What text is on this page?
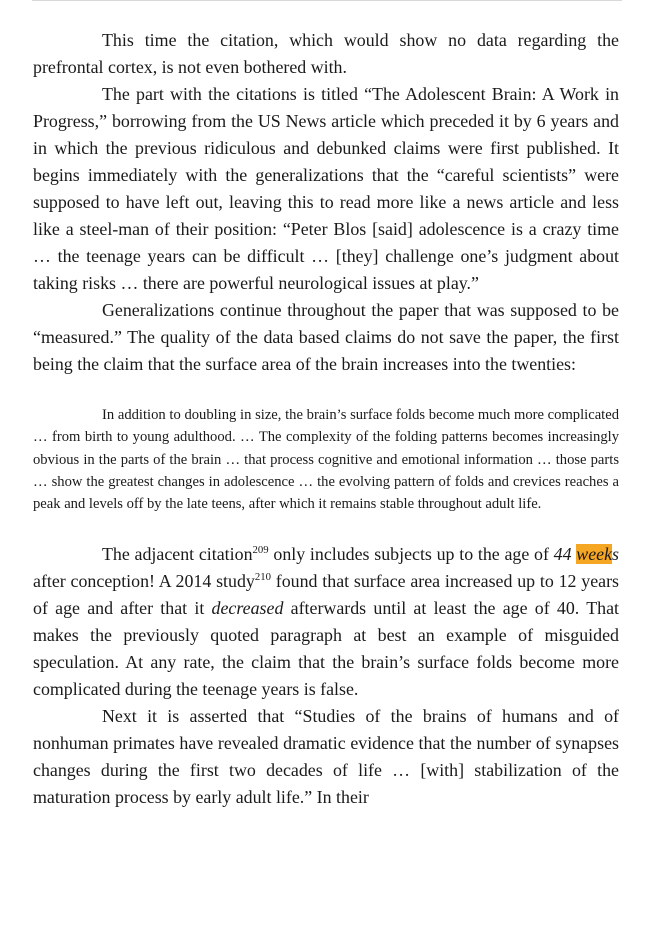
This time the citation, which would show no data regarding the prefrontal cortex, is not even bothered with.

The part with the citations is titled “The Adolescent Brain: A Work in Progress,” borrowing from the US News article which preceded it by 6 years and in which the previous ridiculous and debunked claims were first published. It begins immediately with the generalizations that the “careful scientists” were supposed to have left out, leaving this to read more like a news article and less like a steel-man of their position: “Peter Blos [said] adolescence is a crazy time … the teenage years can be difficult … [they] challenge one’s judgment about taking risks … there are powerful neurological issues at play.”

Generalizations continue throughout the paper that was supposed to be “measured.” The quality of the data based claims do not save the paper, the first being the claim that the surface area of the brain increases into the twenties:

In addition to doubling in size, the brain’s surface folds become much more complicated … from birth to young adulthood. … The complexity of the folding patterns becomes increasingly obvious in the parts of the brain … that process cognitive and emotional information … those parts … show the greatest changes in adolescence … the evolving pattern of folds and crevices reaches a peak and levels off by the late teens, after which it remains stable throughout adult life.

The adjacent citation$^{209}$ only includes subjects up to the age of 44 weeks after conception! A 2014 study$^{210}$ found that surface area increased up to 12 years of age and after that it decreased afterwards until at least the age of 40. That makes the previously quoted paragraph at best an example of misguided speculation. At any rate, the claim that the brain’s surface folds become more complicated during the teenage years is false.

Next it is asserted that “Studies of the brains of humans and of nonhuman primates have revealed dramatic evidence that the number of synapses changes during the first two decades of life … [with] stabilization of the maturation process by early adult life.” In their
